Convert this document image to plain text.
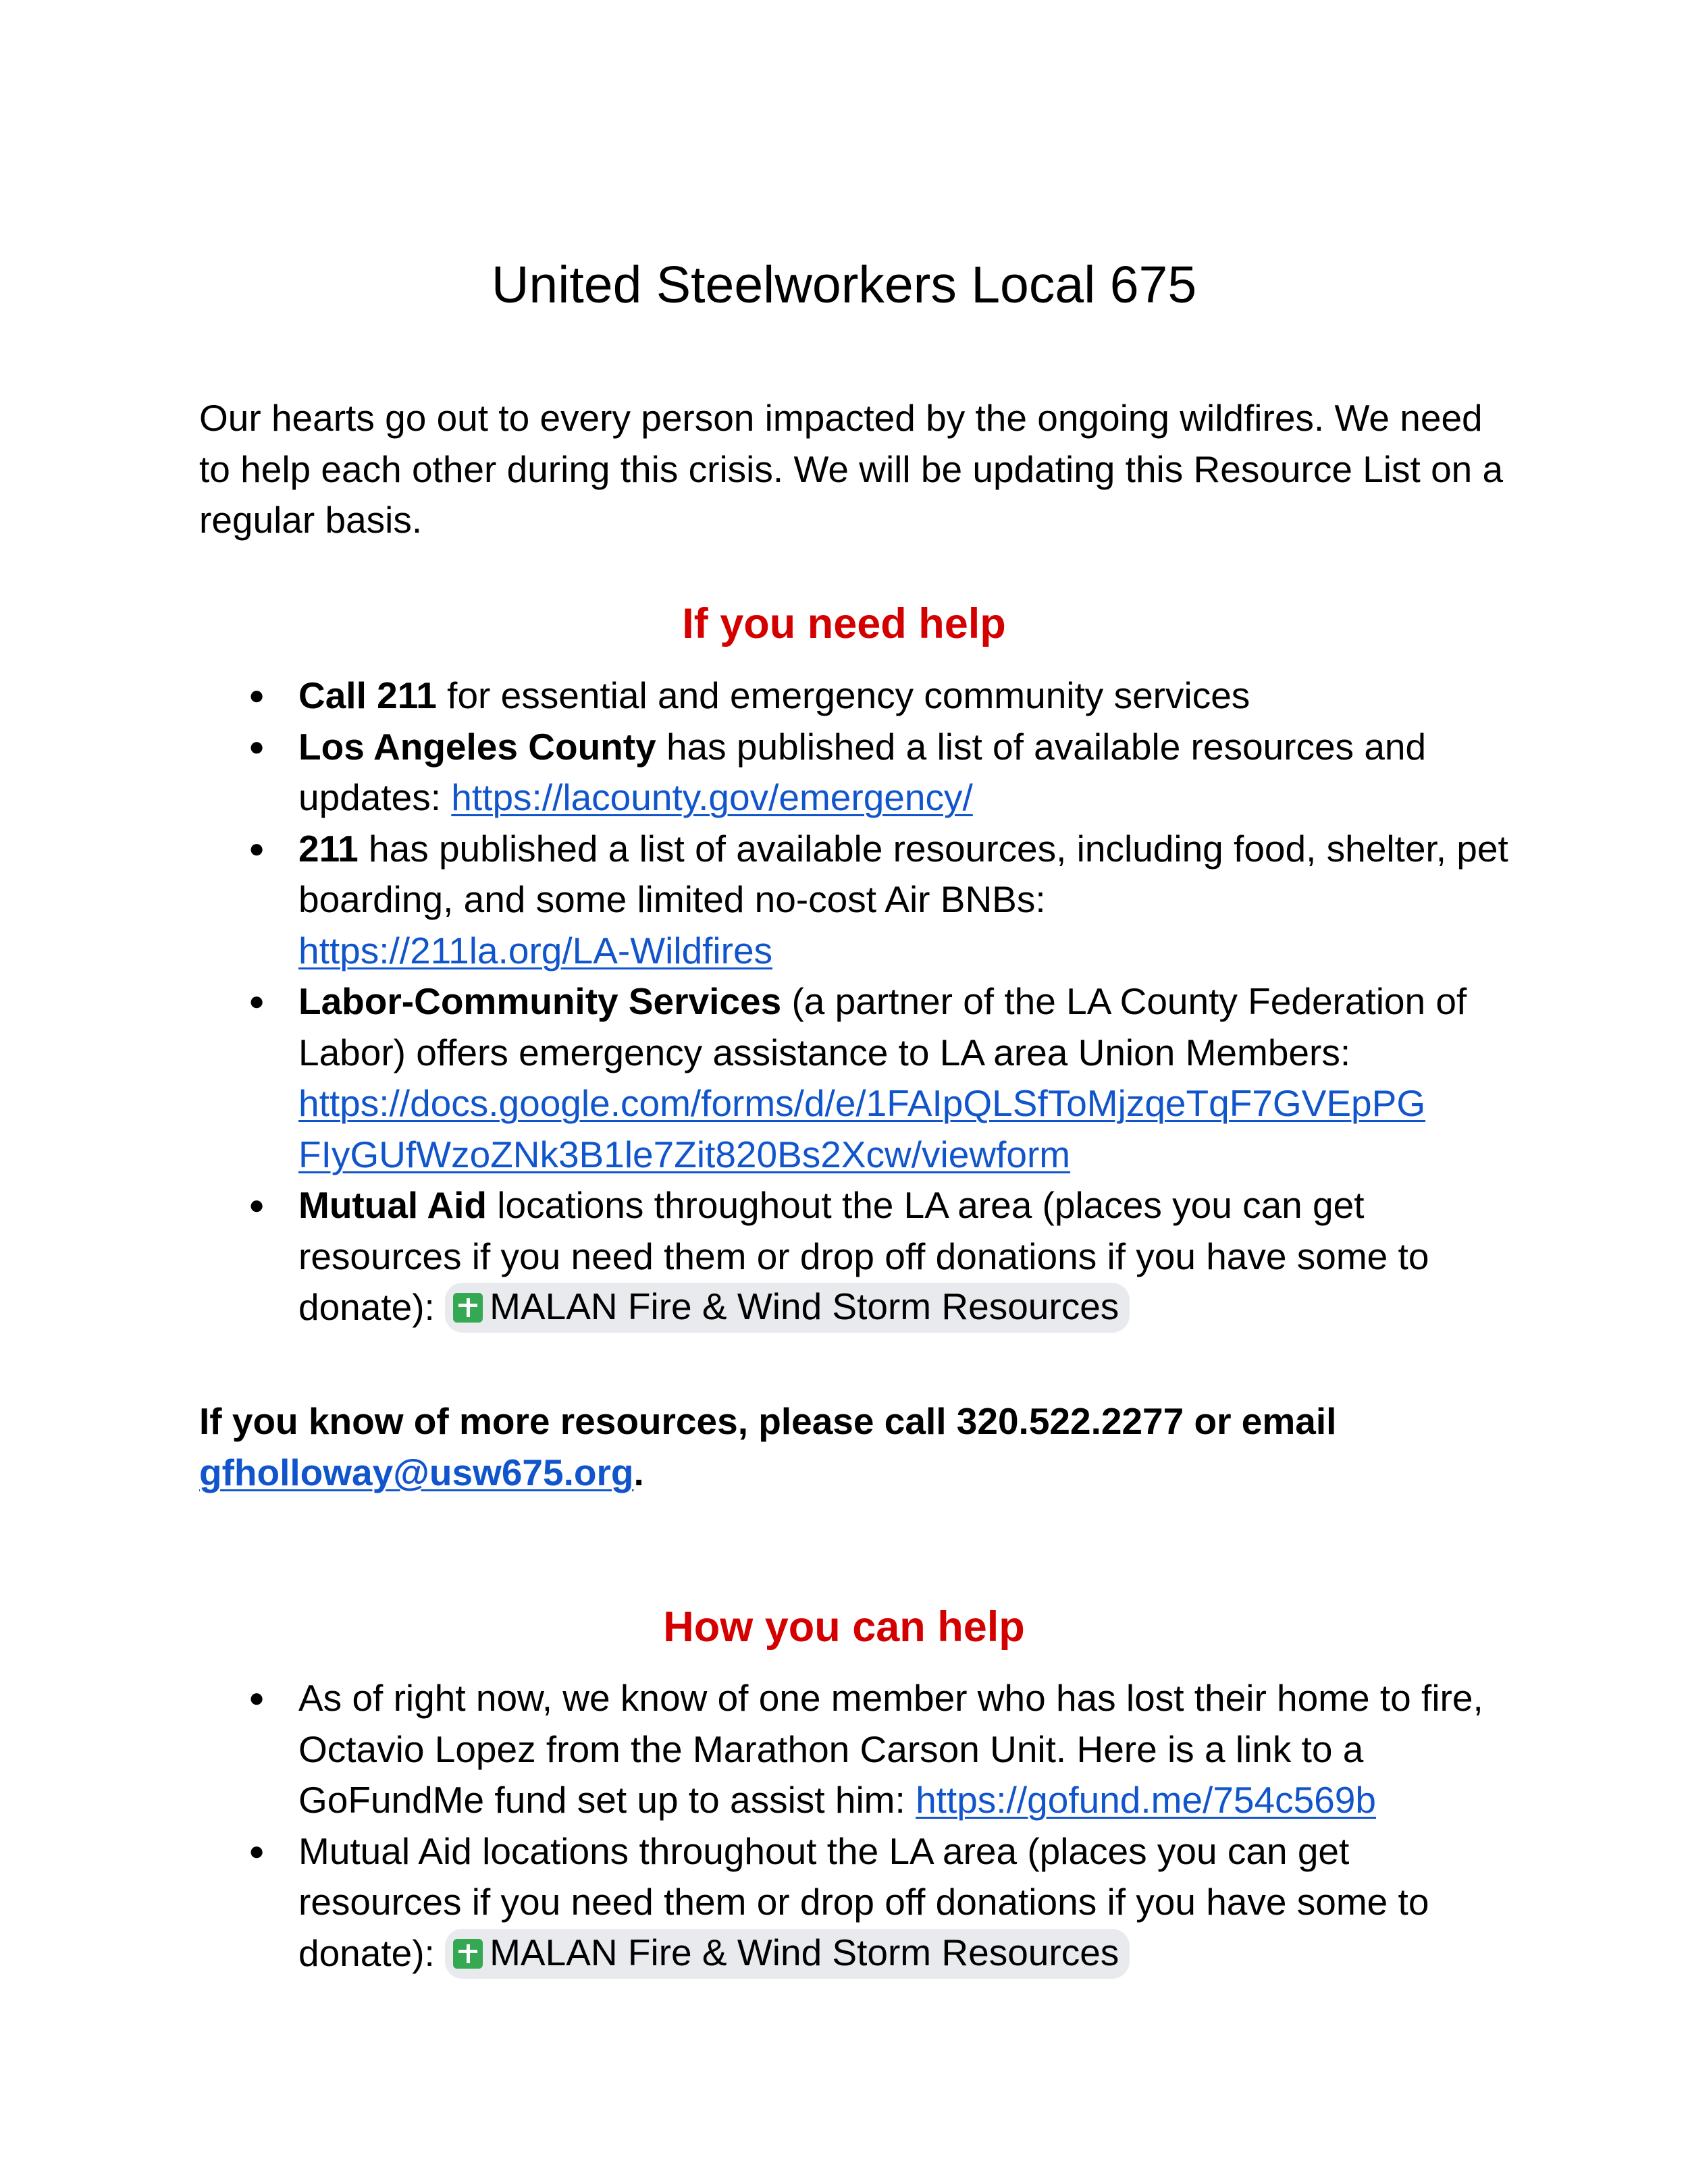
United Steelworkers Local 675

Our hearts go out to every person impacted by the ongoing wildfires. We need to help each other during this crisis. We will be updating this Resource List on a regular basis.

If you need help
● Call 211 for essential and emergency community services
● Los Angeles County has published a list of available resources and updates: https://lacounty.gov/emergency/
● 211 has published a list of available resources, including food, shelter, pet boarding, and some limited no-cost Air BNBs:
https://211la.org/LA-Wildfires
● Labor-Community Services (a partner of the LA County Federation of Labor) offers emergency assistance to LA area Union Members:
https://docs.google.com/forms/d/e/1FAIpQLSfToMjzqeTqF7GVEpPG
FIyGUfWzoZNk3B1le7Zit820Bs2Xcw/viewform
● Mutual Aid locations throughout the LA area (places you can get resources if you need them or drop off donations if you have some to donate): MALAN Fire & Wind Storm Resources

If you know of more resources, please call 320.522.2277 or email
gfholloway@usw675.org.

How you can help
● As of right now, we know of one member who has lost their home to fire, Octavio Lopez from the Marathon Carson Unit. Here is a link to a GoFundMe fund set up to assist him: https://gofund.me/754c569b
● Mutual Aid locations throughout the LA area (places you can get resources if you need them or drop off donations if you have some to donate): MALAN Fire & Wind Storm Resources
